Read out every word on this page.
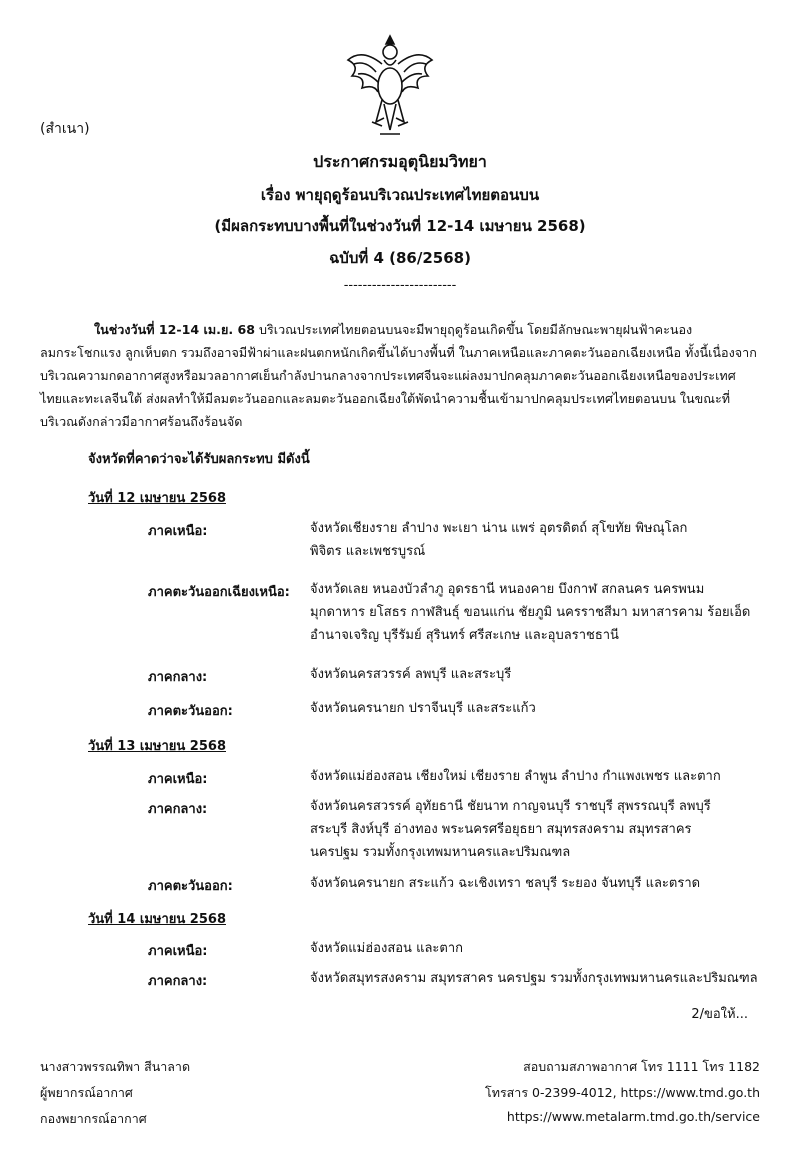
(สำเนา)
ประกาศกรมอุตุนิยมวิทยา
เรื่อง พายุฤดูร้อนบริเวณประเทศไทยตอนบน
(มีผลกระทบบางพื้นที่ในช่วงวันที่ 12-14 เมษายน 2568)
ฉบับที่ 4 (86/2568)
------------------------
ในช่วงวันที่ 12-14 เม.ย. 68 บริเวณประเทศไทยตอนบนจะมีพายุฤดูร้อนเกิดขึ้น โดยมีลักษณะพายุฝนฟ้าคะนอง
ลมกระโชกแรง ลูกเห็บตก รวมถึงอาจมีฟ้าผ่าและฝนตกหนักเกิดขึ้นได้บางพื้นที่ ในภาคเหนือและภาคตะวันออกเฉียงเหนือ ทั้งนี้เนื่องจาก
บริเวณความกดอากาศสูงหรือมวลอากาศเย็นกำลังปานกลางจากประเทศจีนจะแผ่ลงมาปกคลุมภาคตะวันออกเฉียงเหนือของประเทศ
ไทยและทะเลจีนใต้ ส่งผลทำให้มีลมตะวันออกและลมตะวันออกเฉียงใต้พัดนำความชื้นเข้ามาปกคลุมประเทศไทยตอนบน ในขณะที่
บริเวณดังกล่าวมีอากาศร้อนถึงร้อนจัด
จังหวัดที่คาดว่าจะได้รับผลกระทบ มีดังนี้
วันที่ 12 เมษายน 2568
ภาคเหนือ:	จังหวัดเชียงราย ลำปาง พะเยา น่าน แพร่ อุตรดิตถ์ สุโขทัย พิษณุโลก
พิจิตร และเพชรบูรณ์
ภาคตะวันออกเฉียงเหนือ: จังหวัดเลย หนองบัวลำภู อุดรธานี หนองคาย บึงกาฬ สกลนคร นครพนม
มุกดาหาร ยโสธร กาฬสินธุ์ ขอนแก่น ชัยภูมิ นครราชสีมา มหาสารคาม ร้อยเอ็ด
อำนาจเจริญ บุรีรัมย์ สุรินทร์ ศรีสะเกษ และอุบลราชธานี
ภาคกลาง:	จังหวัดนครสวรรค์ ลพบุรี และสระบุรี
ภาคตะวันออก:	จังหวัดนครนายก ปราจีนบุรี และสระแก้ว
วันที่ 13 เมษายน 2568
ภาคเหนือ:	จังหวัดแม่ฮ่องสอน เชียงใหม่ เชียงราย ลำพูน ลำปาง กำแพงเพชร และตาก
ภาคกลาง:	จังหวัดนครสวรรค์ อุทัยธานี ชัยนาท กาญจนบุรี ราชบุรี สุพรรณบุรี ลพบุรี
สระบุรี สิงห์บุรี อ่างทอง พระนครศรีอยุธยา สมุทรสงคราม สมุทรสาคร
นครปฐม รวมทั้งกรุงเทพมหานครและปริมณฑล
ภาคตะวันออก:	จังหวัดนครนายก สระแก้ว ฉะเชิงเทรา ชลบุรี ระยอง จันทบุรี และตราด
วันที่ 14 เมษายน 2568
ภาคเหนือ:	จังหวัดแม่ฮ่องสอน และตาก
ภาคกลาง:	จังหวัดสมุทรสงคราม สมุทรสาคร นครปฐม รวมทั้งกรุงเทพมหานครและปริมณฑล
2/ขอให้...
นางสาวพรรณทิพา สีนาลาด
ผู้พยากรณ์อากาศ
กองพยากรณ์อากาศ
สอบถามสภาพอากาศ โทร 1111 โทร 1182
โทรสาร 0-2399-4012, https://www.tmd.go.th
https://www.metalarm.tmd.go.th/service
